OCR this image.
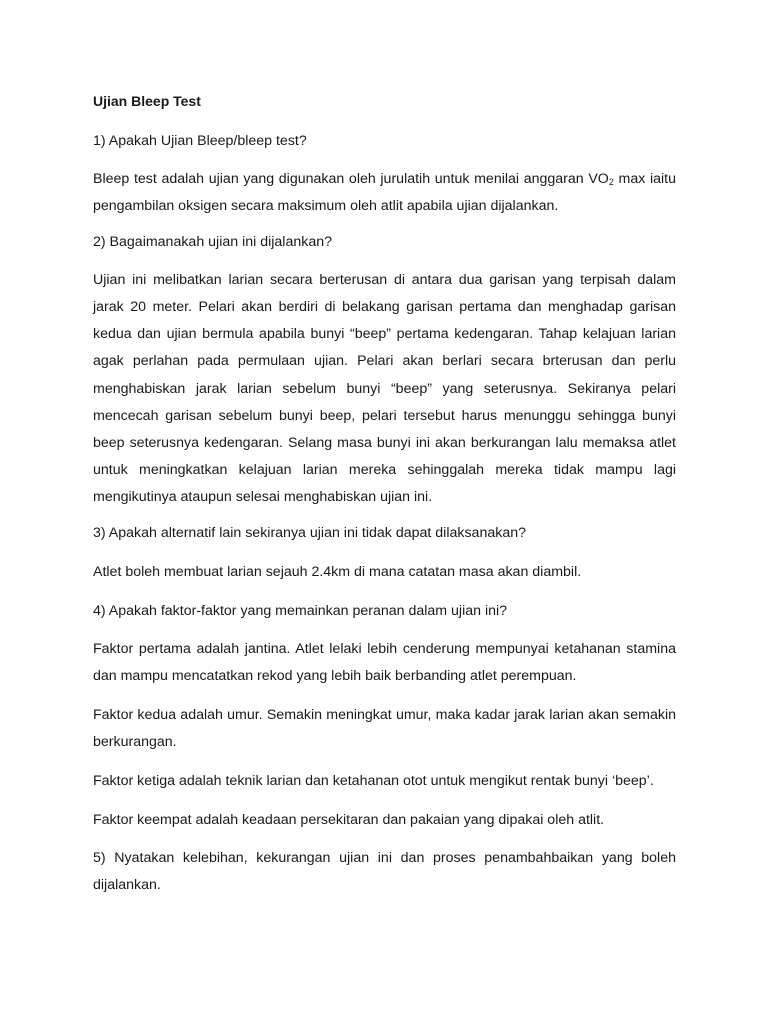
Ujian Bleep Test
1) Apakah Ujian Bleep/bleep test?
Bleep test adalah ujian yang digunakan oleh jurulatih untuk menilai anggaran $VO_2$ max iaitu pengambilan oksigen secara maksimum oleh atlit apabila ujian dijalankan.
2) Bagaimanakah ujian ini dijalankan?
Ujian ini melibatkan larian secara berterusan di antara dua garisan yang terpisah dalam jarak 20 meter. Pelari akan berdiri di belakang garisan pertama dan menghadap garisan kedua dan ujian bermula apabila bunyi “beep” pertama kedengaran. Tahap kelajuan larian agak perlahan pada permulaan ujian. Pelari akan berlari secara brterusan dan perlu menghabiskan jarak larian sebelum bunyi “beep” yang seterusnya. Sekiranya pelari mencecah garisan sebelum bunyi beep, pelari tersebut harus menunggu sehingga bunyi beep seterusnya kedengaran. Selang masa bunyi ini akan berkurangan lalu memaksa atlet untuk meningkatkan kelajuan larian mereka sehinggalah mereka tidak mampu lagi mengikutinya ataupun selesai menghabiskan ujian ini.
3) Apakah alternatif lain sekiranya ujian ini tidak dapat dilaksanakan?
Atlet boleh membuat larian sejauh 2.4km di mana catatan masa akan diambil.
4) Apakah faktor-faktor yang memainkan peranan dalam ujian ini?
Faktor pertama adalah jantina. Atlet lelaki lebih cenderung mempunyai ketahanan stamina dan mampu mencatatkan rekod yang lebih baik berbanding atlet perempuan.
Faktor kedua adalah umur. Semakin meningkat umur, maka kadar jarak larian akan semakin berkurangan.
Faktor ketiga adalah teknik larian dan ketahanan otot untuk mengikut rentak bunyi ‘beep’.
Faktor keempat adalah keadaan persekitaran dan pakaian yang dipakai oleh atlit.
5) Nyatakan kelebihan, kekurangan ujian ini dan proses penambahbaikan yang boleh dijalankan.
